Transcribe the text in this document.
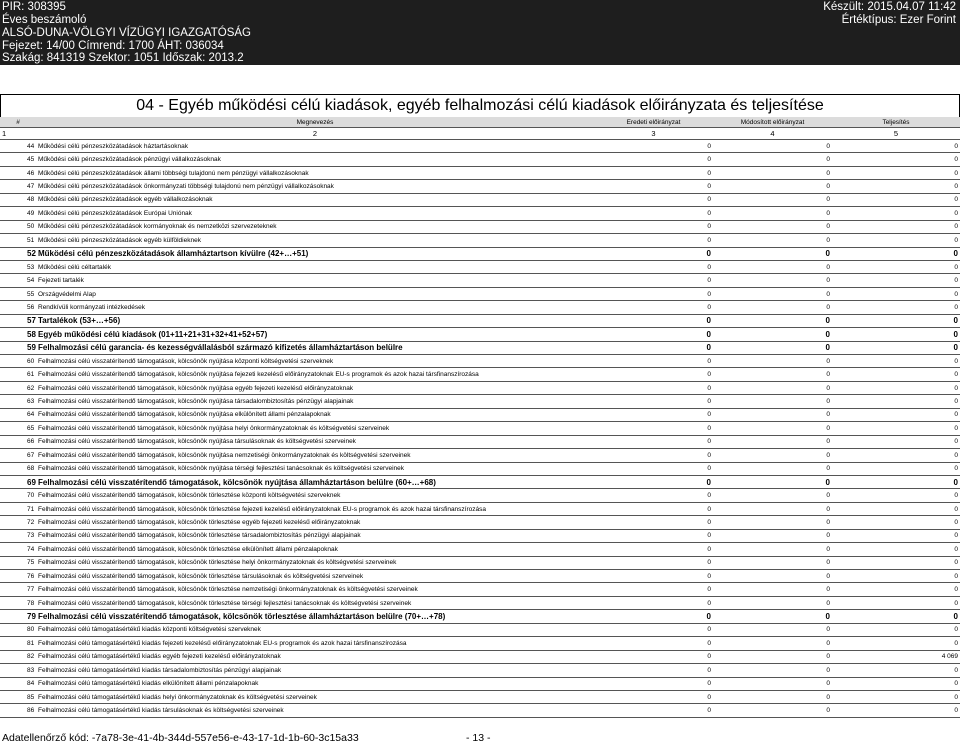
PIR: 308395
Éves beszámoló
ALSÓ-DUNA-VÖLGYI VÍZÜGYI IGAZGATÓSÁG
Fejezet: 14/00 Címrend: 1700 ÁHT: 036034
Szakág: 841319 Szektor: 1051 Időszak: 2013.2
Készült: 2015.04.07 11:42
Értéktípus: Ezer Forint
04 - Egyéb működési célú kiadások, egyéb felhalmozási célú kiadások előirányzata és teljesítése
#	Megnevezés	Eredeti előirányzat	Módosított előirányzat	Teljesítés
1	2	3	4	5
44	Működési célú pénzeszközátadások háztartásoknak	0	0	0
45	Működési célú pénzeszközátadások pénzügyi vállalkozásoknak	0	0	0
46	Működési célú pénzeszközátadások állami többségi tulajdonú nem pénzügyi vállalkozásoknak	0	0	0
47	Működési célú pénzeszközátadások önkormányzati többségi tulajdonú nem pénzügyi vállalkozásoknak	0	0	0
48	Működési célú pénzeszközátadások egyéb vállalkozásoknak	0	0	0
49	Működési célú pénzeszközátadások Európai Uniónak	0	0	0
50	Működési célú pénzeszközátadások kormányoknak és nemzetközi szervezeteknek	0	0	0
51	Működési célú pénzeszközátadások egyéb külföldieknek	0	0	0
52	Működési célú pénzeszközátadások államháztartson kívülre (42+…+51)	0	0	0
53	Működési célú céltartalék	0	0	0
54	Fejezeti tartalék	0	0	0
55	Országvédelmi Alap	0	0	0
56	Rendkívüli kormányzati intézkedések	0	0	0
57	Tartalékok (53+…+56)	0	0	0
58	Egyéb működési célú kiadások (01+11+21+31+32+41+52+57)	0	0	0
59	Felhalmozási célú garancia- és kezességvállalásból származó kifizetés államháztartáson belülre	0	0	0
60	Felhalmozási célú visszatérítendő támogatások, kölcsönök nyújtása központi költségvetési szerveknek	0	0	0
61	Felhalmozási célú visszatérítendő támogatások, kölcsönök nyújtása fejezeti kezelésű előirányzatoknak EU-s programok és azok hazai társfinanszírozása	0	0	0
62	Felhalmozási célú visszatérítendő támogatások, kölcsönök nyújtása egyéb fejezeti kezelésű előirányzatoknak	0	0	0
63	Felhalmozási célú visszatérítendő támogatások, kölcsönök nyújtása társadalombiztosítás pénzügyi alapjainak	0	0	0
64	Felhalmozási célú visszatérítendő támogatások, kölcsönök nyújtása elkülönített állami pénzalapoknak	0	0	0
65	Felhalmozási célú visszatérítendő támogatások, kölcsönök nyújtása helyi önkormányzatoknak és költségvetési szerveinek	0	0	0
66	Felhalmozási célú visszatérítendő támogatások, kölcsönök nyújtása társulásoknak és költségvetési szerveinek	0	0	0
67	Felhalmozási célú visszatérítendő támogatások, kölcsönök nyújtása nemzetiségi önkormányzatoknak és költségvetési szerveinek	0	0	0
68	Felhalmozási célú visszatérítendő támogatások, kölcsönök nyújtása térségi fejlesztési tanácsoknak és költségvetési szerveinek	0	0	0
69	Felhalmozási célú visszatérítendő támogatások, kölcsönök nyújtása államháztartáson belülre (60+…+68)	0	0	0
70	Felhalmozási célú visszatérítendő támogatások, kölcsönök törlesztése központi költségvetési szerveknek	0	0	0
71	Felhalmozási célú visszatérítendő támogatások, kölcsönök törlesztése fejezeti kezelésű előirányzatoknak EU-s programok és azok hazai társfinanszírozása	0	0	0
72	Felhalmozási célú visszatérítendő támogatások, kölcsönök törlesztése egyéb fejezeti kezelésű előirányzatoknak	0	0	0
73	Felhalmozási célú visszatérítendő támogatások, kölcsönök törlesztése társadalombiztosítás pénzügyi alapjainak	0	0	0
74	Felhalmozási célú visszatérítendő támogatások, kölcsönök törlesztése elkülönített állami pénzalapoknak	0	0	0
75	Felhalmozási célú visszatérítendő támogatások, kölcsönök törlesztése helyi önkormányzatoknak és költségvetési szerveinek	0	0	0
76	Felhalmozási célú visszatérítendő támogatások, kölcsönök törlesztése társulásoknak és költségvetési szerveinek	0	0	0
77	Felhalmozási célú visszatérítendő támogatások, kölcsönök törlesztése nemzetiségi önkormányzatoknak és költségvetési szerveinek	0	0	0
78	Felhalmozási célú visszatérítendő támogatások, kölcsönök törlesztése térségi fejlesztési tanácsoknak és költségvetési szerveinek	0	0	0
79	Felhalmozási célú visszatérítendő támogatások, kölcsönök törlesztése államháztartáson belülre (70+…+78)	0	0	0
80	Felhalmozási célú támogatásértékű kiadás központi költségvetési szerveknek	0	0	0
81	Felhalmozási célú támogatásértékű kiadás fejezeti kezelésű előirányzatoknak EU-s programok és azok hazai társfinanszírozása	0	0	0
82	Felhalmozási célú támogatásértékű kiadás egyéb fejezeti kezelésű előirányzatoknak	0	0	4 069
83	Felhalmozási célú támogatásértékű kiadás társadalombiztosítás pénzügyi alapjainak	0	0	0
84	Felhalmozási célú támogatásértékű kiadás elkülönített állami pénzalapoknak	0	0	0
85	Felhalmozási célú támogatásértékű kiadás helyi önkormányzatoknak és költségvetési szerveinek	0	0	0
86	Felhalmozási célú támogatásértékű kiadás társulásoknak és költségvetési szerveinek	0	0	0
Adatellenőrző kód: -7a78-3e-41-4b-344d-557e56-e-43-17-1d-1b-60-3c15a33	- 13 -
